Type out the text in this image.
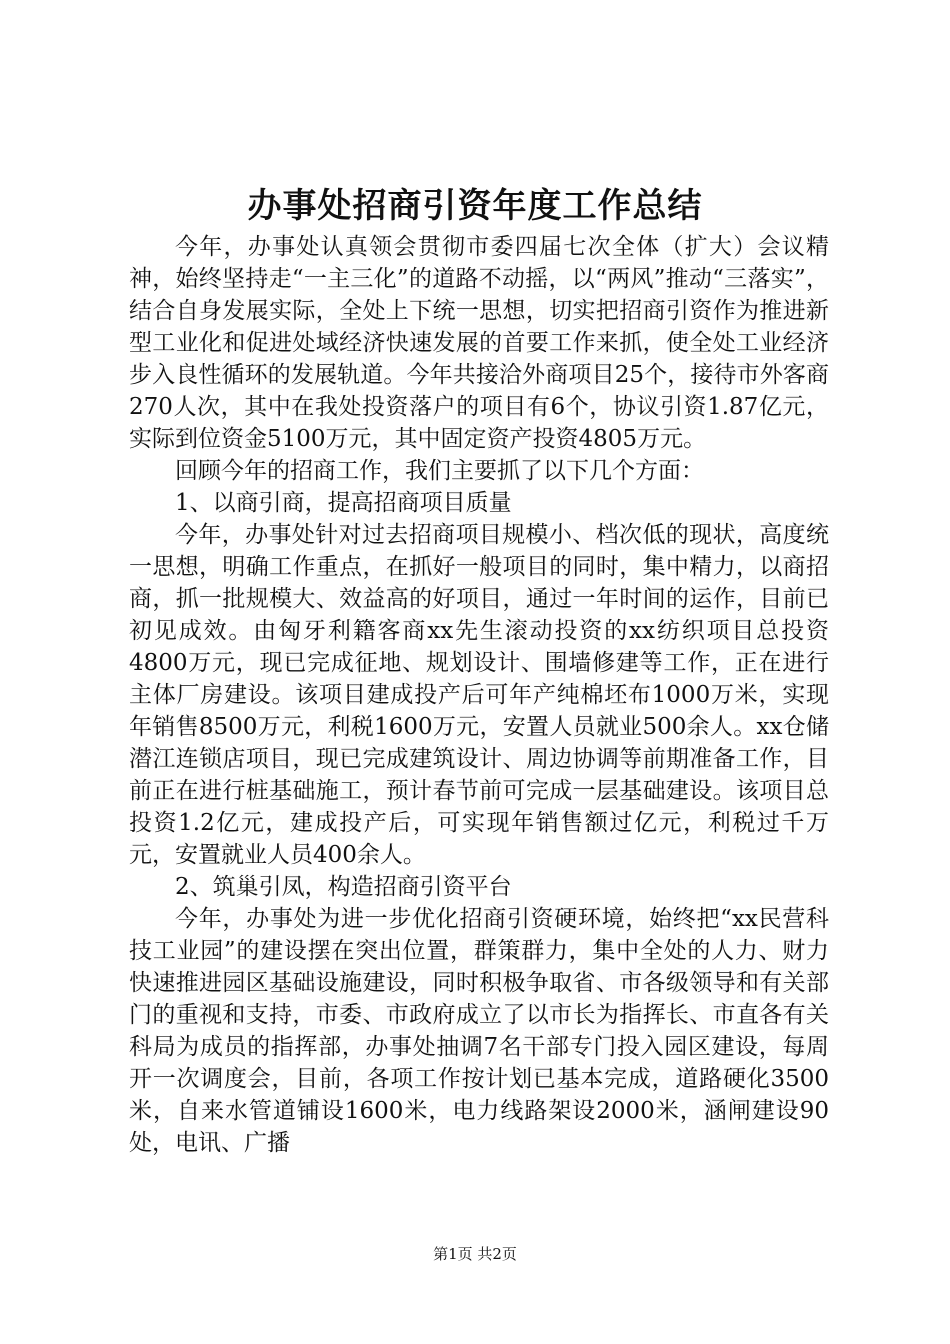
办事处招商引资年度工作总结

今年，办事处认真领会贯彻市委四届七次全体（扩大）会议精神，始终坚持走“一主三化”的道路不动摇，以“两风”推动“三落实”，结合自身发展实际，全处上下统一思想，切实把招商引资作为推进新型工业化和促进处域经济快速发展的首要工作来抓，使全处工业经济步入良性循环的发展轨道。今年共接洽外商项目25个，接待市外客商270人次，其中在我处投资落户的项目有6个，协议引资1.87亿元，实际到位资金5100万元，其中固定资产投资4805万元。

回顾今年的招商工作，我们主要抓了以下几个方面：

1、以商引商，提高招商项目质量

今年，办事处针对过去招商项目规模小、档次低的现状，高度统一思想，明确工作重点，在抓好一般项目的同时，集中精力，以商招商，抓一批规模大、效益高的好项目，通过一年时间的运作，目前已初见成效。由匈牙利籍客商xx先生滚动投资的xx纺织项目总投资4800万元，现已完成征地、规划设计、围墙修建等工作，正在进行主体厂房建设。该项目建成投产后可年产纯棉坯布1000万米，实现年销售8500万元，利税1600万元，安置人员就业500余人。xx仓储潜江连锁店项目，现已完成建筑设计、周边协调等前期准备工作，目前正在进行桩基础施工，预计春节前可完成一层基础建设。该项目总投资1.2亿元，建成投产后，可实现年销售额过亿元，利税过千万元，安置就业人员400余人。

2、筑巢引凤，构造招商引资平台

今年，办事处为进一步优化招商引资硬环境，始终把“xx民营科技工业园”的建设摆在突出位置，群策群力，集中全处的人力、财力快速推进园区基础设施建设，同时积极争取省、市各级领导和有关部门的重视和支持，市委、市政府成立了以市长为指挥长、市直各有关科局为成员的指挥部，办事处抽调7名干部专门投入园区建设，每周开一次调度会，目前，各项工作按计划已基本完成，道路硬化3500米，自来水管道铺设1600米，电力线路架设2000米，涵闸建设90处，电讯、广播

第1页 共2页
